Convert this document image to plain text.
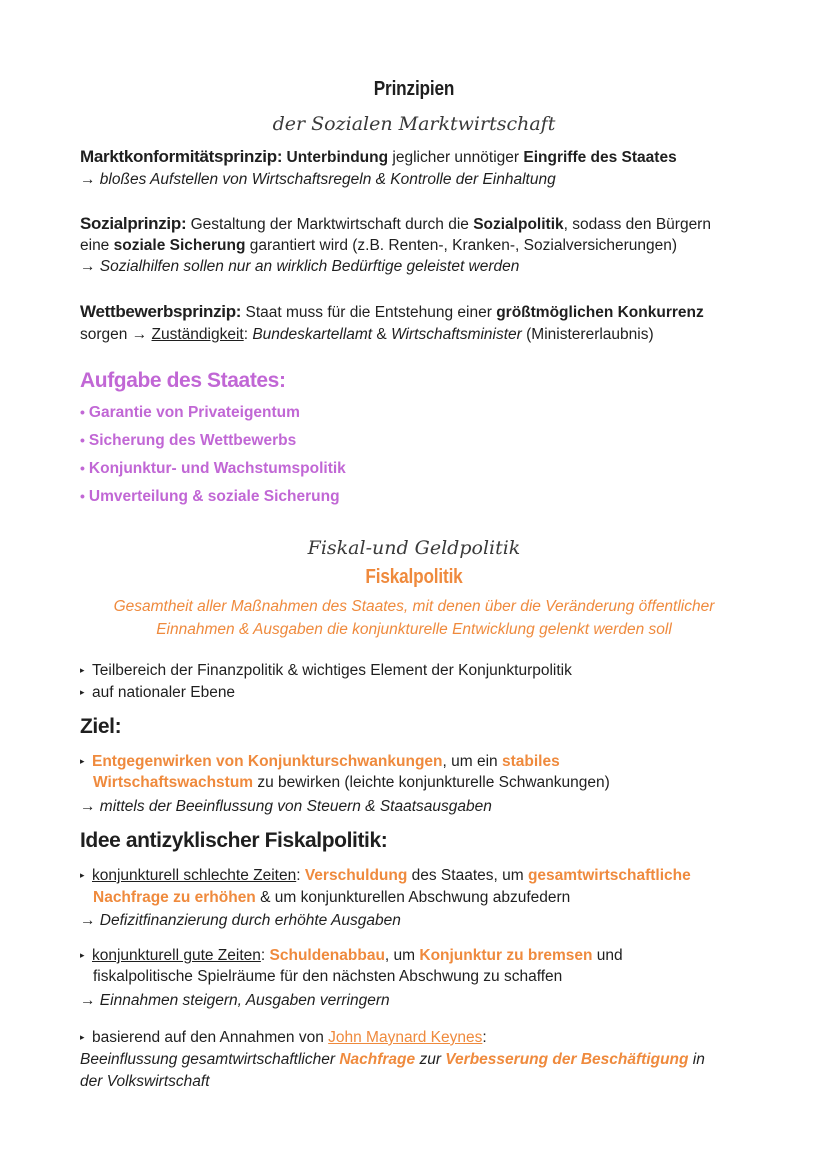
Prinzipien
der Sozialen Marktwirtschaft
Marktkonformitätsprinzip: Unterbindung jeglicher unnötiger Eingriffe des Staates
→ bloßes Aufstellen von Wirtschaftsregeln & Kontrolle der Einhaltung
Sozialprinzip: Gestaltung der Marktwirtschaft durch die Sozialpolitik, sodass den Bürgern
eine soziale Sicherung garantiert wird (z.B. Renten-, Kranken-, Sozialversicherungen)
→ Sozialhilfen sollen nur an wirklich Bedürftige geleistet werden
Wettbewerbsprinzip: Staat muss für die Entstehung einer größtmöglichen Konkurrenz
sorgen → Zuständigkeit: Bundeskartellamt & Wirtschaftsminister (Ministererlaubnis)
Aufgabe des Staates:
• Garantie von Privateigentum
• Sicherung des Wettbewerbs
• Konjunktur- und Wachstumspolitik
• Umverteilung & soziale Sicherung
Fiskal-und Geldpolitik
Fiskalpolitik
Gesamtheit aller Maßnahmen des Staates, mit denen über die Veränderung öffentlicher
Einnahmen & Ausgaben die konjunkturelle Entwicklung gelenkt werden soll
▸ Teilbereich der Finanzpolitik & wichtiges Element der Konjunkturpolitik
▸ auf nationaler Ebene
Ziel:
▸ Entgegenwirken von Konjunkturschwankungen, um ein stabiles
Wirtschaftswachstum zu bewirken (leichte konjunkturelle Schwankungen)
→ mittels der Beeinflussung von Steuern & Staatsausgaben
Idee antizyklischer Fiskalpolitik:
▸ konjunkturell schlechte Zeiten: Verschuldung des Staates, um gesamtwirtschaftliche
Nachfrage zu erhöhen & um konjunkturellen Abschwung abzufedern
→ Defizitfinanzierung durch erhöhte Ausgaben
▸ konjunkturell gute Zeiten: Schuldenabbau, um Konjunktur zu bremsen und
fiskalpolitische Spielräume für den nächsten Abschwung zu schaffen
→ Einnahmen steigern, Ausgaben verringern
▸ basierend auf den Annahmen von John Maynard Keynes:
Beeinflussung gesamtwirtschaftlicher Nachfrage zur Verbesserung der Beschäftigung in
der Volkswirtschaft
